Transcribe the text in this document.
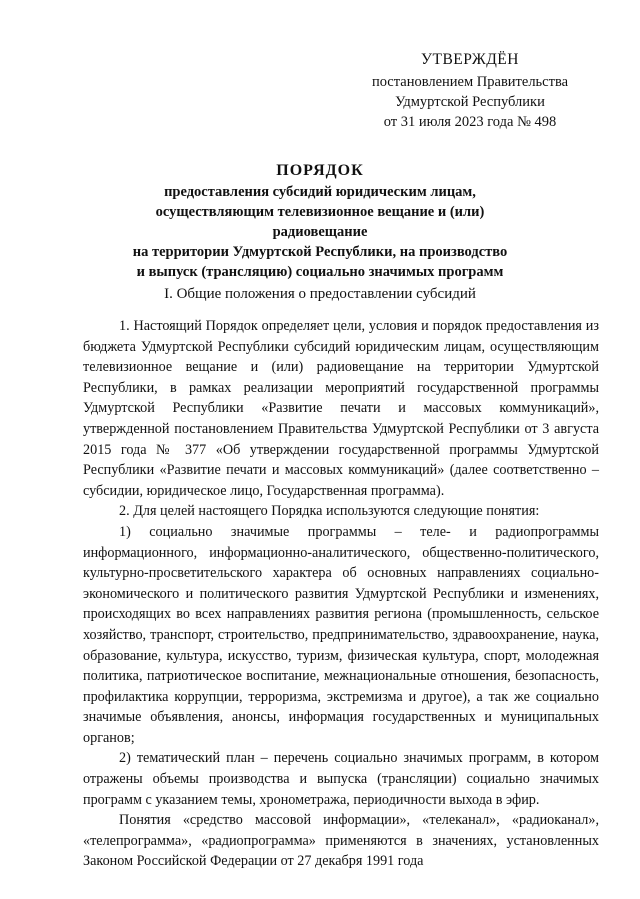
УТВЕРЖДЁН
постановлением Правительства
Удмуртской Республики
от 31 июля 2023 года № 498
ПОРЯДОК
предоставления субсидий юридическим лицам,
осуществляющим телевизионное вещание и (или) радиовещание
на территории Удмуртской Республики, на производство
и выпуск (трансляцию) социально значимых программ
I. Общие положения о предоставлении субсидий

1. Настоящий Порядок определяет цели, условия и порядок предоставления из бюджета Удмуртской Республики субсидий юридическим лицам, осуществляющим телевизионное вещание и (или) радиовещание на территории Удмуртской Республики, в рамках реализации мероприятий государственной программы Удмуртской Республики «Развитие печати и массовых коммуникаций», утвержденной постановлением Правительства Удмуртской Республики от 3 августа 2015 года № 377 «Об утверждении государственной программы Удмуртской Республики «Развитие печати и массовых коммуникаций» (далее соответственно – субсидии, юридическое лицо, Государственная программа).

2. Для целей настоящего Порядка используются следующие понятия:

1) социально значимые программы – теле- и радиопрограммы информационного, информационно-аналитического, общественно-политического, культурно-просветительского характера об основных направлениях социально-экономического и политического развития Удмуртской Республики и изменениях, происходящих во всех направлениях развития региона (промышленность, сельское хозяйство, транспорт, строительство, предпринимательство, здравоохранение, наука, образование, культура, искусство, туризм, физическая культура, спорт, молодежная политика, патриотическое воспитание, межнациональные отношения, безопасность, профилактика коррупции, терроризма, экстремизма и другое), а так же социально значимые объявления, анонсы, информация государственных и муниципальных органов;

2) тематический план – перечень социально значимых программ, в котором отражены объемы производства и выпуска (трансляции) социально значимых программ с указанием темы, хронометража, периодичности выхода в эфир.

Понятия «средство массовой информации», «телеканал», «радиоканал», «телепрограмма», «радиопрограмма» применяются в значениях, установленных Законом Российской Федерации от 27 декабря 1991 года
